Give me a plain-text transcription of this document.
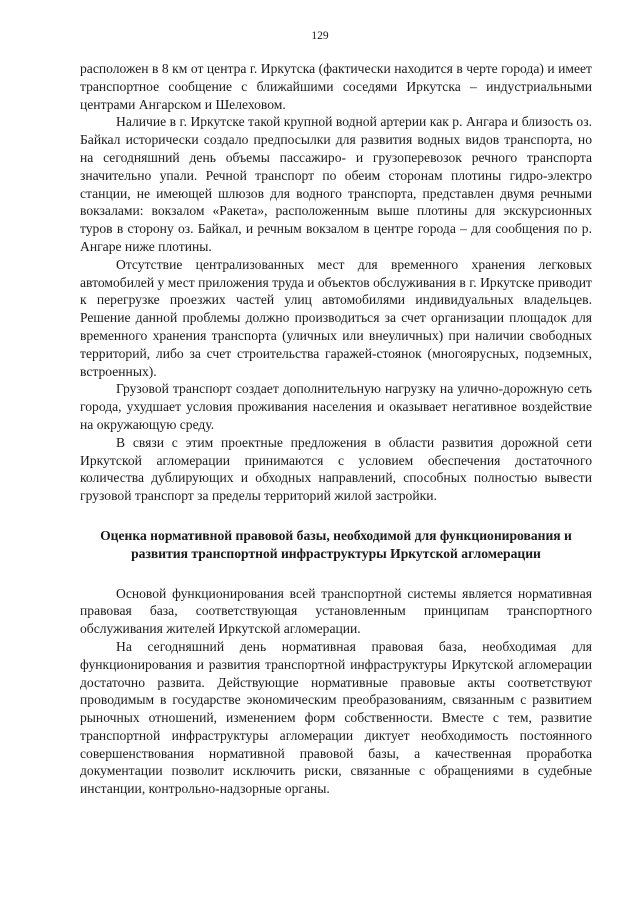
129

расположен в 8 км от центра г. Иркутска (фактически находится в черте города) и имеет транспортное сообщение с ближайшими соседями Иркутска – индустриальными центрами Ангарском и Шелеховом.

Наличие в г. Иркутске такой крупной водной артерии как р. Ангара и близость оз. Байкал исторически создало предпосылки для развития водных видов транспорта, но на сегодняшний день объемы пассажиро- и грузоперевозок речного транспорта значительно упали. Речной транспорт по обеим сторонам плотины гидро-электро станции, не имеющей шлюзов для водного транспорта, представлен двумя речными вокзалами: вокзалом «Ракета», расположенным выше плотины для экскурсионных туров в сторону оз. Байкал, и речным вокзалом в центре города – для сообщения по р. Ангаре ниже плотины.

Отсутствие централизованных мест для временного хранения легковых автомобилей у мест приложения труда и объектов обслуживания в г. Иркутске приводит к перегрузке проезжих частей улиц автомобилями индивидуальных владельцев. Решение данной проблемы должно производиться за счет организации площадок для временного хранения транспорта (уличных или внеуличных) при наличии свободных территорий, либо за счет строительства гаражей-стоянок (многоярусных, подземных, встроенных).

Грузовой транспорт создает дополнительную нагрузку на улично-дорожную сеть города, ухудшает условия проживания населения и оказывает негативное воздействие на окружающую среду.

В связи с этим проектные предложения в области развития дорожной сети Иркутской агломерации принимаются с условием обеспечения достаточного количества дублирующих и обходных направлений, способных полностью вывести грузовой транспорт за пределы территорий жилой застройки.

Оценка нормативной правовой базы, необходимой для функционирования и развития транспортной инфраструктуры Иркутской агломерации

Основой функционирования всей транспортной системы является нормативная правовая база, соответствующая установленным принципам транспортного обслуживания жителей Иркутской агломерации.

На сегодняшний день нормативная правовая база, необходимая для функционирования и развития транспортной инфраструктуры Иркутской агломерации достаточно развита. Действующие нормативные правовые акты соответствуют проводимым в государстве экономическим преобразованиям, связанным с развитием рыночных отношений, изменением форм собственности. Вместе с тем, развитие транспортной инфраструктуры агломерации диктует необходимость постоянного совершенствования нормативной правовой базы, а качественная проработка документации позволит исключить риски, связанные с обращениями в судебные инстанции, контрольно-надзорные органы.
